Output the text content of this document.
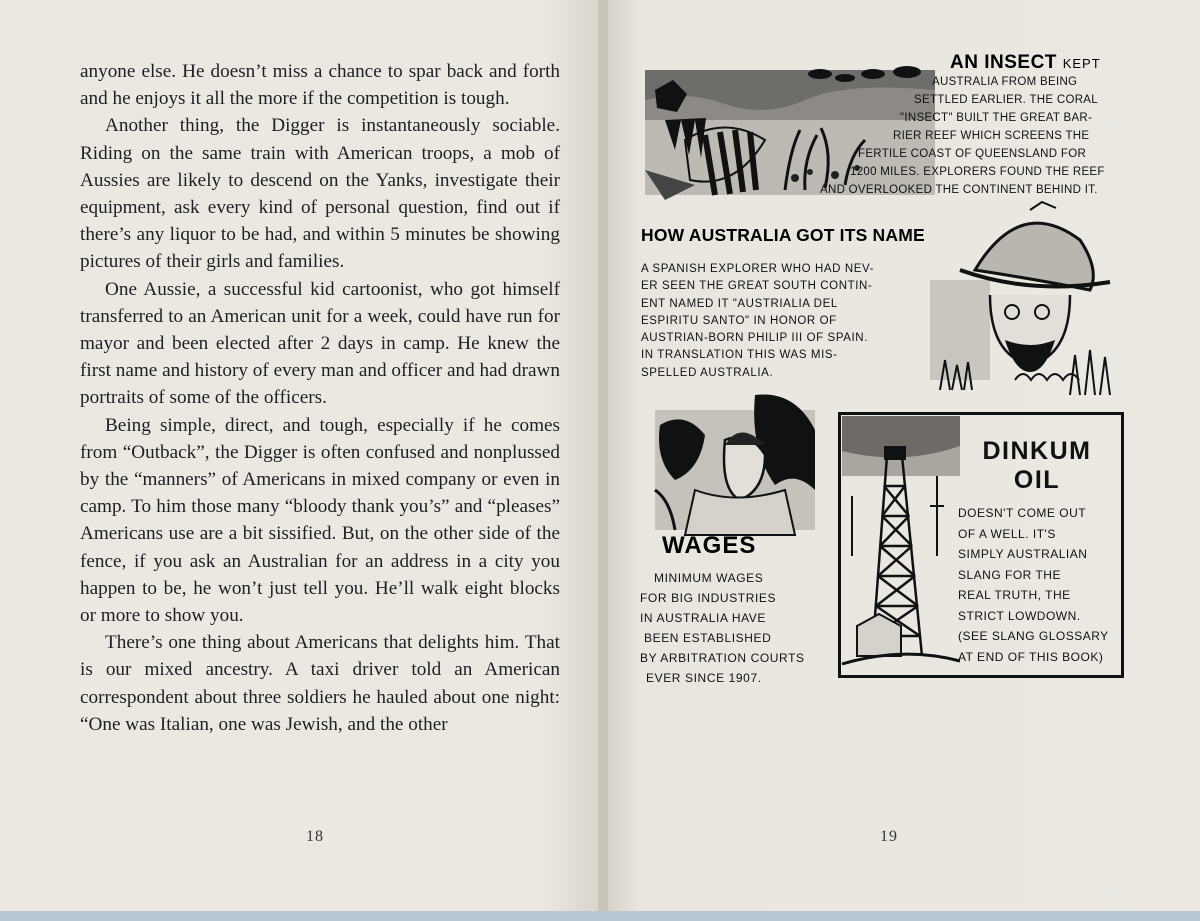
anyone else. He doesn’t miss a chance to spar back and forth and he enjoys it all the more if the competition is tough.

Another thing, the Digger is instantaneously sociable. Riding on the same train with American troops, a mob of Aussies are likely to descend on the Yanks, investigate their equipment, ask every kind of personal question, find out if there’s any liquor to be had, and within 5 minutes be showing pictures of their girls and families.

One Aussie, a successful kid cartoonist, who got himself transferred to an American unit for a week, could have run for mayor and been elected after 2 days in camp. He knew the first name and history of every man and officer and had drawn portraits of some of the officers.

Being simple, direct, and tough, especially if he comes from “Outback”, the Digger is often confused and nonplussed by the “manners” of Americans in mixed company or even in camp. To him those many “bloody thank you’s” and “pleases” Americans use are a bit sissified. But, on the other side of the fence, if you ask an Australian for an address in a city you happen to be, he won’t just tell you. He’ll walk eight blocks or more to show you.

There’s one thing about Americans that delights him. That is our mixed ancestry. A taxi driver told an American correspondent about three soldiers he hauled about one night: “One was Italian, one was Jewish, and the other

18
AN INSECT KEPT
AUSTRALIA FROM BEING
SETTLED EARLIER. THE CORAL
"INSECT" BUILT THE GREAT BAR-
RIER REEF WHICH SCREENS THE
FERTILE COAST OF QUEENSLAND FOR
1200 MILES. EXPLORERS FOUND THE REEF
AND OVERLOOKED THE CONTINENT BEHIND IT.
HOW AUSTRALIA GOT ITS NAME
A SPANISH EXPLORER WHO HAD NEV-
ER SEEN THE GREAT SOUTH CONTIN-
ENT NAMED IT "AUSTRIALIA DEL
ESPIRITU SANTO" IN HONOR OF
AUSTRIAN-BORN PHILIP III OF SPAIN.
IN TRANSLATION THIS WAS MIS-
SPELLED AUSTRALIA.
WAGES
MINIMUM WAGES
FOR BIG INDUSTRIES
IN AUSTRALIA HAVE
BEEN ESTABLISHED
BY ARBITRATION COURTS
EVER SINCE 1907.
DINKUM
OIL
DOESN'T COME OUT
OF A WELL. IT'S
SIMPLY AUSTRALIAN
SLANG FOR THE
REAL TRUTH, THE
STRICT LOWDOWN.
(SEE SLANG GLOSSARY
AT END OF THIS BOOK)
19
